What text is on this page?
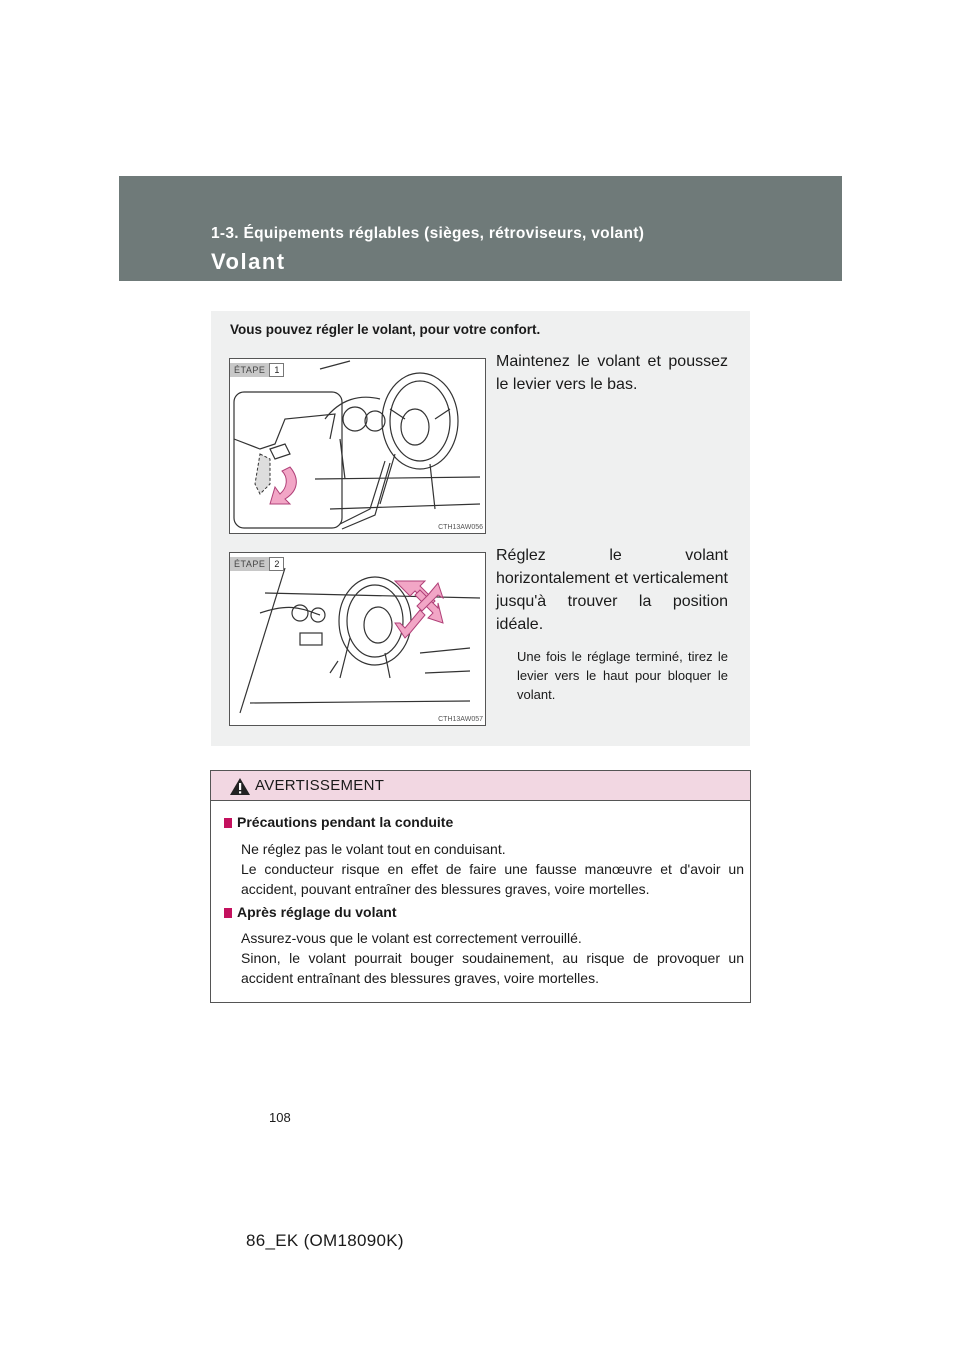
1-3. Équipements réglables (sièges, rétroviseurs, volant)
Volant
Vous pouvez régler le volant, pour votre confort.
ÉTAPE	1
CTH13AW056

Maintenez le volant et poussez le levier vers le bas.

ÉTAPE	2
CTH13AW057

Réglez le volant horizontalement et verticalement jusqu'à trouver la position idéale.

Une fois le réglage terminé, tirez le levier vers le haut pour bloquer le volant.

AVERTISSEMENT
Précautions pendant la conduite

Ne réglez pas le volant tout en conduisant.
Le conducteur risque en effet de faire une fausse manœuvre et d'avoir un accident, pouvant entraîner des blessures graves, voire mortelles.

Après réglage du volant

Assurez-vous que le volant est correctement verrouillé.
Sinon, le volant pourrait bouger soudainement, au risque de provoquer un accident entraînant des blessures graves, voire mortelles.

108
86_EK (OM18090K)
